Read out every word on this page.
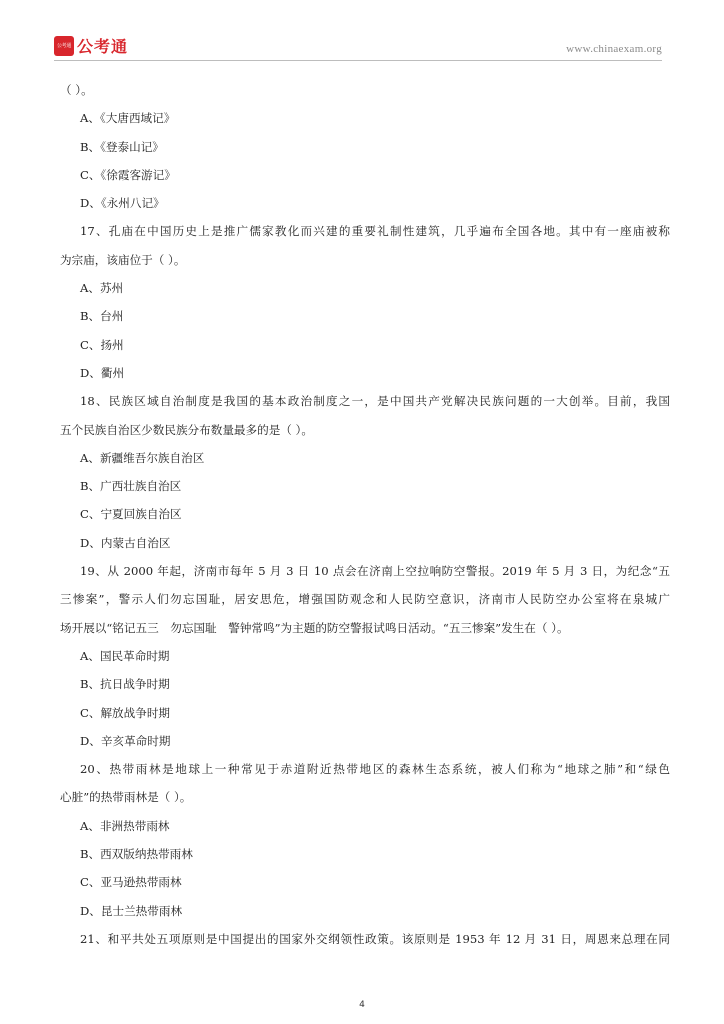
公考通 公考通	www.chinaexam.org
（ ）。
A、《大唐西域记》
B、《登泰山记》
C、《徐霞客游记》
D、《永州八记》
17、孔庙在中国历史上是推广儒家教化而兴建的重要礼制性建筑，几乎遍布全国各地。其中有一座庙被称
为宗庙，该庙位于（ ）。
A、苏州
B、台州
C、扬州
D、衢州
18、民族区域自治制度是我国的基本政治制度之一，是中国共产党解决民族问题的一大创举。目前，我国
五个民族自治区少数民族分布数量最多的是（ ）。
A、新疆维吾尔族自治区
B、广西壮族自治区
C、宁夏回族自治区
D、内蒙古自治区
19、从 2000 年起，济南市每年 5 月 3 日 10 点会在济南上空拉响防空警报。2019 年 5 月 3 日，为纪念“五
三惨案”，警示人们勿忘国耻，居安思危，增强国防观念和人民防空意识，济南市人民防空办公室将在泉城广
场开展以“铭记五三　勿忘国耻　警钟常鸣”为主题的防空警报试鸣日活动。“五三惨案”发生在（ ）。
A、国民革命时期
B、抗日战争时期
C、解放战争时期
D、辛亥革命时期
20、热带雨林是地球上一种常见于赤道附近热带地区的森林生态系统，被人们称为“地球之肺”和“绿色
心脏”的热带雨林是（ ）。
A、非洲热带雨林
B、西双版纳热带雨林
C、亚马逊热带雨林
D、昆士兰热带雨林
21、和平共处五项原则是中国提出的国家外交纲领性政策。该原则是 1953 年 12 月 31 日，周恩来总理在同
4
